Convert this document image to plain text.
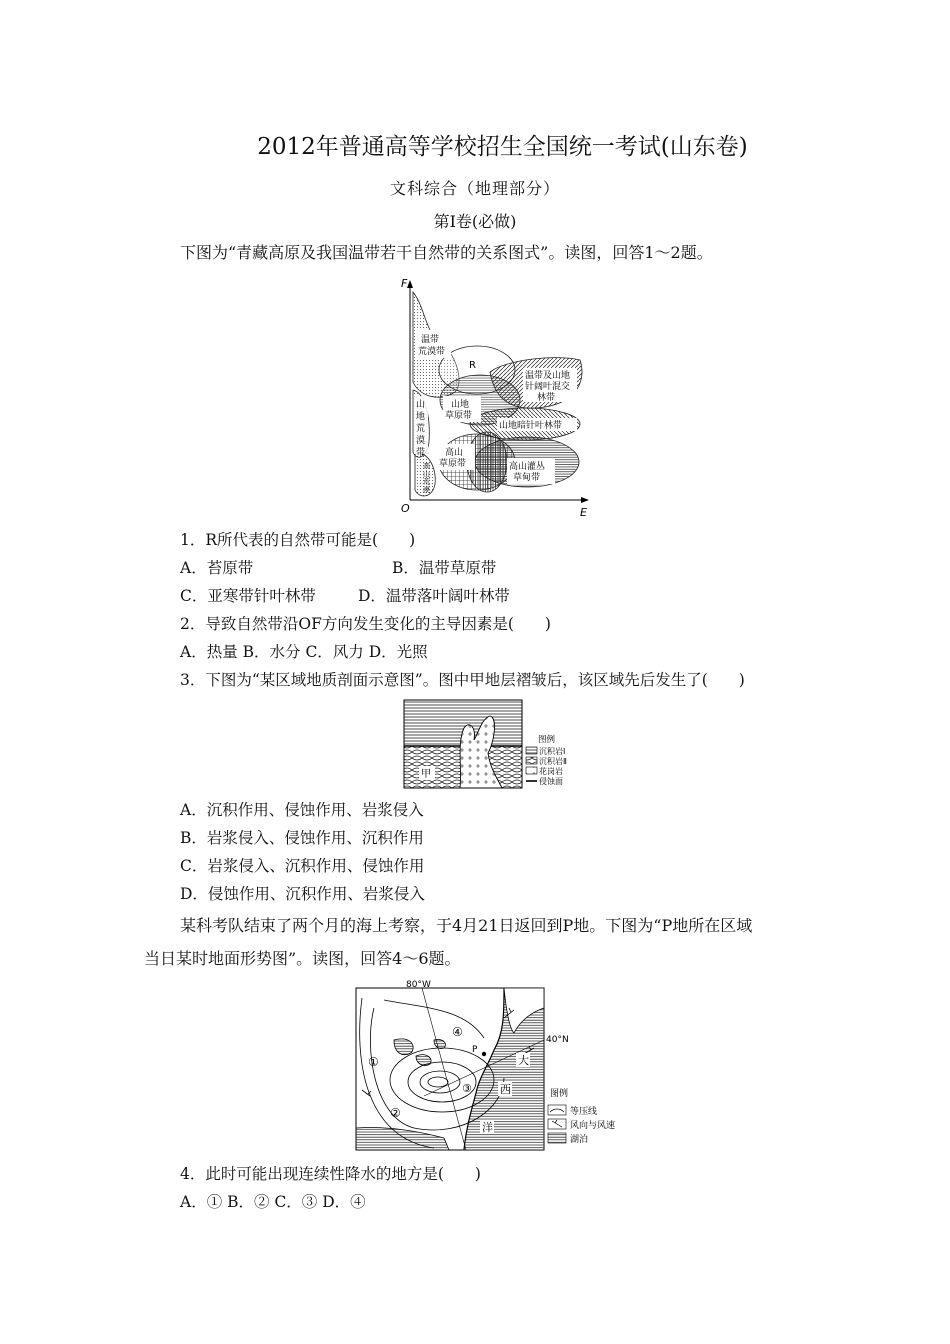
2012年普通高等学校招生全国统一考试(山东卷)
文科综合（地理部分）
第Ⅰ卷(必做)
下图为“青藏高原及我国温带若干自然带的关系图式”。读图，回答1～2题。
F
E
O
温带
荒漠带
R
温带及山地
针阔叶混交
林带
山地
草原带
山地暗针叶林带
山
地
荒
漠
带 高山
草原带	高山灌丛
草甸带
高
山
荒
漠
1．R所代表的自然带可能是(　　)
A．苔原带	B．温带草原带
C．亚寒带针叶林带	D．温带落叶阔叶林带
2．导致自然带沿OF方向发生变化的主导因素是(　　)
A．热量 B．水分 C．风力 D．光照
3．下图为“某区域地质剖面示意图”。图中甲地层褶皱后，该区域先后发生了(　　)
甲
图例
沉积岩Ⅰ
沉积岩Ⅱ
花岗岩
侵蚀面
A．沉积作用、侵蚀作用、岩浆侵入
B．岩浆侵入、侵蚀作用、沉积作用
C．岩浆侵入、沉积作用、侵蚀作用
D．侵蚀作用、沉积作用、岩浆侵入
某科考队结束了两个月的海上考察，于4月21日返回到P地。下图为“P地所在区域
当日某时地面形势图”。读图，回答4～6题。
80°W
40°N
①
②
③
④
P
大
西
洋
图例
等压线
风向与风速
湖泊
4．此时可能出现连续性降水的地方是(　　)
A．① B．② C．③ D．④
